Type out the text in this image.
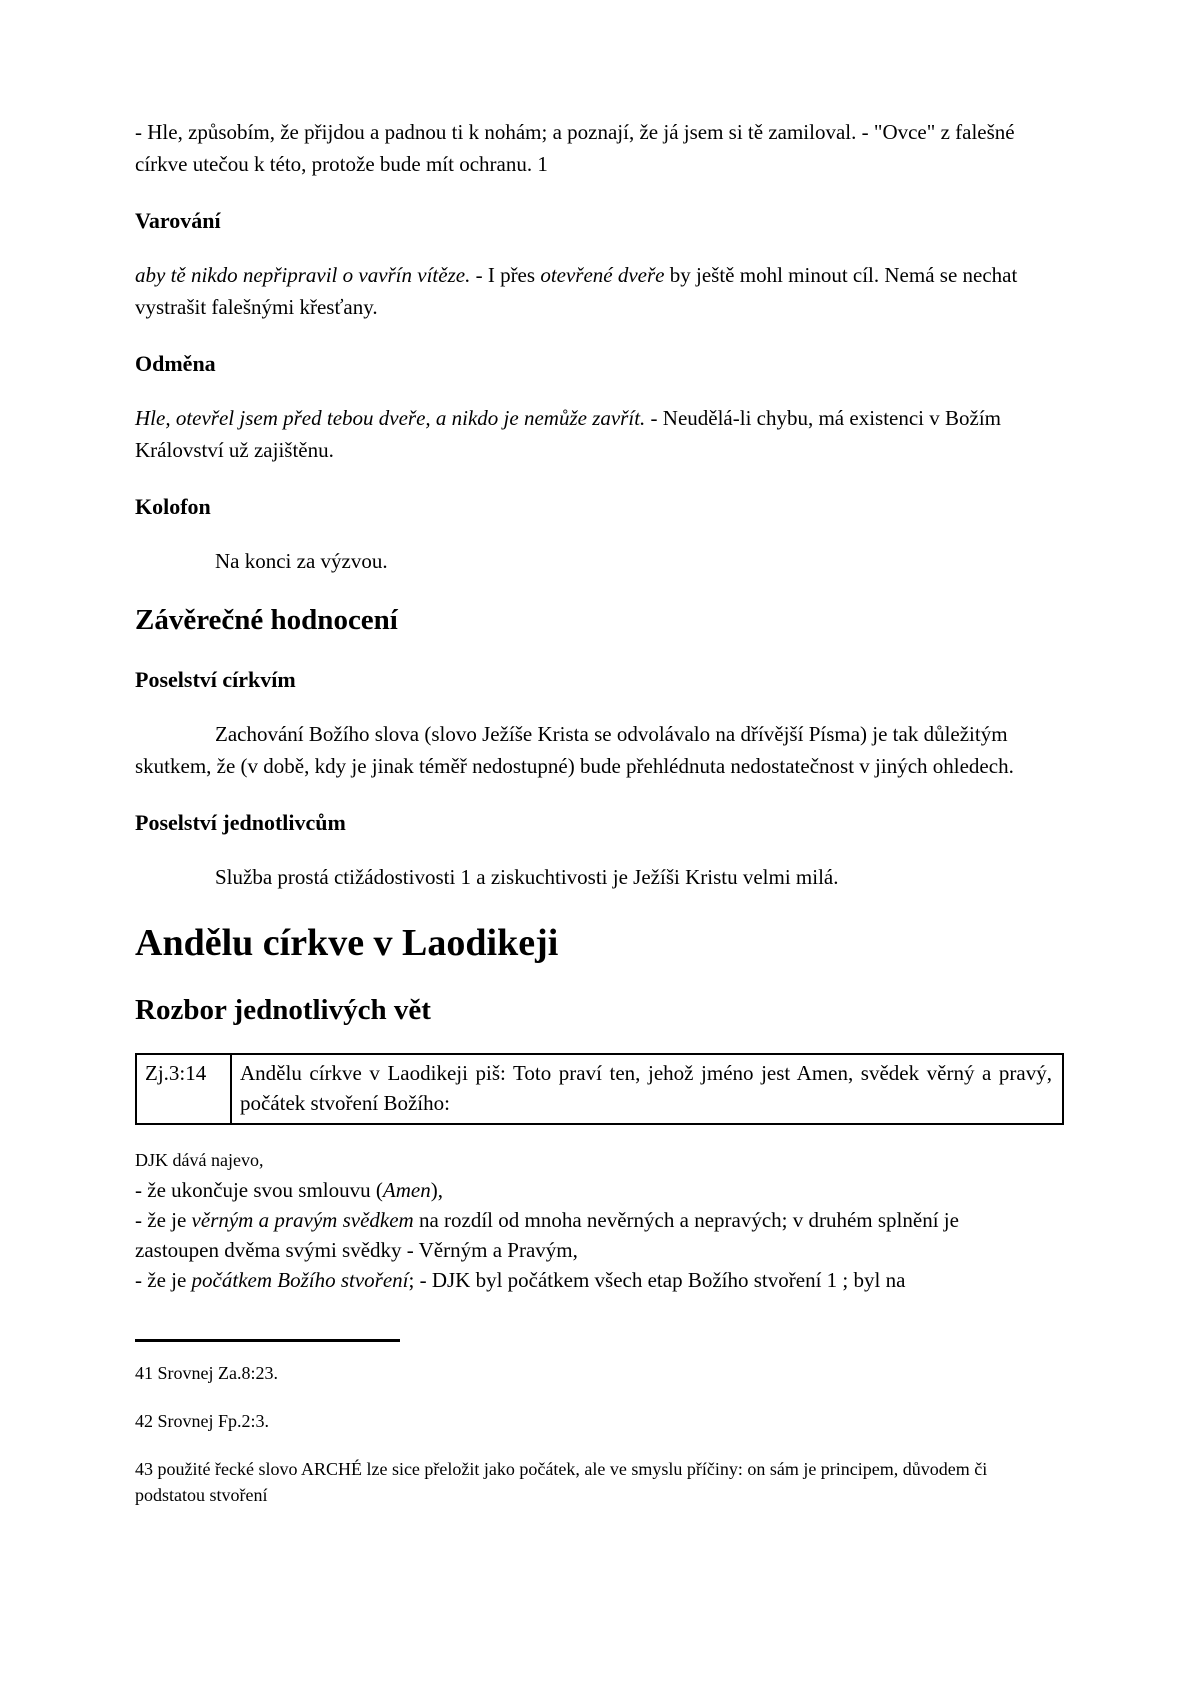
- Hle, způsobím, že přijdou a padnou ti k nohám; a poznají, že já jsem si tě zamiloval. - "Ovce" z falešné církve utečou k této, protože bude mít ochranu. 1

Varování

aby tě nikdo nepřipravil o vavřín vítěze. - I přes otevřené dveře by ještě mohl minout cíl. Nemá se nechat vystrašit falešnými křesťany.

Odměna

Hle, otevřel jsem před tebou dveře, a nikdo je nemůže zavřít. - Neudělá-li chybu, má existenci v Božím Království už zajištěnu.

Kolofon

Na konci za výzvou.

Závěrečné hodnocení
Poselství církvím

Zachování Božího slova (slovo Ježíše Krista se odvolávalo na dřívější Písma) je tak důležitým skutkem, že (v době, kdy je jinak téměř nedostupné) bude přehlédnuta nedostatečnost v jiných ohledech.

Poselství jednotlivcům

Služba prostá ctižádostivosti 1 a ziskuchtivosti je Ježíši Kristu velmi milá.

Andělu církve v Laodikeji
Rozbor jednotlivých vět
Zj.3:14	Andělu církve v Laodikeji piš: Toto praví ten, jehož jméno jest Amen, svědek věrný a pravý, počátek stvoření Božího:

DJK dává najevo,

- že ukončuje svou smlouvu (Amen),

- že je věrným a pravým svědkem na rozdíl od mnoha nevěrných a nepravých; v druhém splnění je zastoupen dvěma svými svědky - Věrným a Pravým,

- že je počátkem Božího stvoření; - DJK byl počátkem všech etap Božího stvoření 1 ; byl na

41 Srovnej Za.8:23.

42 Srovnej Fp.2:3.

43 použité řecké slovo ARCHÉ lze sice přeložit jako počátek, ale ve smyslu příčiny: on sám je principem, důvodem či podstatou stvoření
